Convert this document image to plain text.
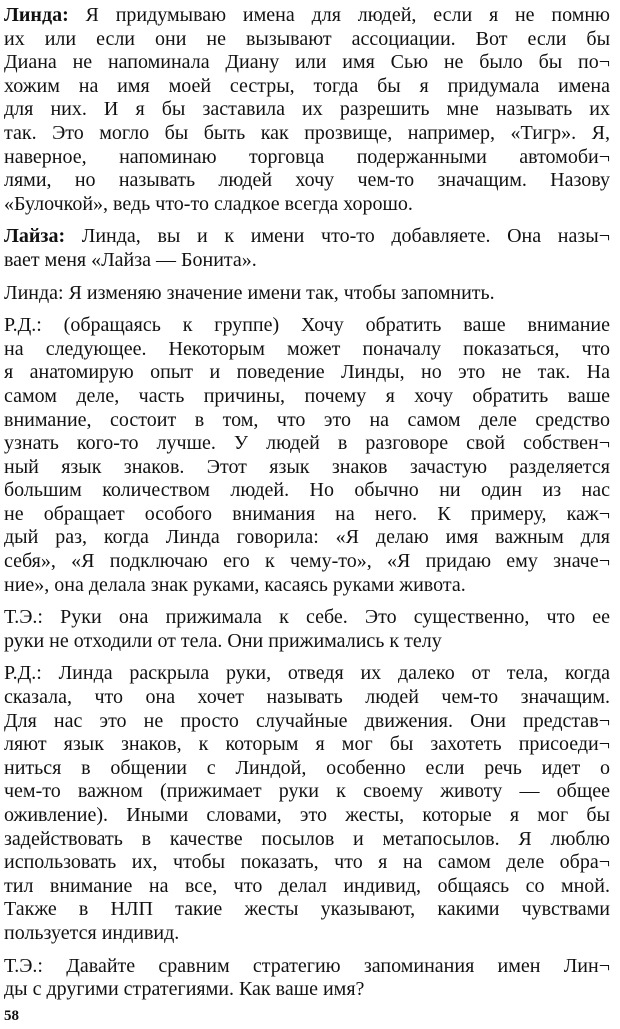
Линда: Я придумываю имена для людей, если я не помню
их или если они не вызывают ассоциации. Вот если бы
Диана не напоминала Диану или имя Сью не было бы по¬
хожим на имя моей сестры, тогда бы я придумала имена
для них. И я бы заставила их разрешить мне называть их
так. Это могло бы быть как прозвище, например, «Тигр». Я,
наверное, напоминаю торговца подержанными автомоби¬
лями, но называть людей хочу чем-то значащим. Назову
«Булочкой», ведь что-то сладкое всегда хорошо.
Лайза: Линда, вы и к имени что-то добавляете. Она назы¬
вает меня «Лайза — Бонита».
Линда: Я изменяю значение имени так, чтобы запомнить.
Р.Д.: (обращаясь к группе) Хочу обратить ваше внимание
на следующее. Некоторым может поначалу показаться, что
я анатомирую опыт и поведение Линды, но это не так. На
самом деле, часть причины, почему я хочу обратить ваше
внимание, состоит в том, что это на самом деле средство
узнать кого-то лучше. У людей в разговоре свой собствен¬
ный язык знаков. Этот язык знаков зачастую разделяется
большим количеством людей. Но обычно ни один из нас
не обращает особого внимания на него. К примеру, каж¬
дый раз, когда Линда говорила: «Я делаю имя важным для
себя», «Я подключаю его к чему-то», «Я придаю ему значе¬
ние», она делала знак руками, касаясь руками живота.
Т.Э.: Руки она прижимала к себе. Это существенно, что ее
руки не отходили от тела. Они прижимались к телу
Р.Д.: Линда раскрыла руки, отведя их далеко от тела, когда
сказала, что она хочет называть людей чем-то значащим.
Для нас это не просто случайные движения. Они представ¬
ляют язык знаков, к которым я мог бы захотеть присоеди¬
ниться в общении с Линдой, особенно если речь идет о
чем-то важном (прижимает руки к своему животу — общее
оживление). Иными словами, это жесты, которые я мог бы
задействовать в качестве посылов и метапосылов. Я люблю
использовать их, чтобы показать, что я на самом деле обра¬
тил внимание на все, что делал индивид, общаясь со мной.
Также в НЛП такие жесты указывают, какими чувствами
пользуется индивид.
Т.Э.: Давайте сравним стратегию запоминания имен Лин¬
ды с другими стратегиями. Как ваше имя?
58
